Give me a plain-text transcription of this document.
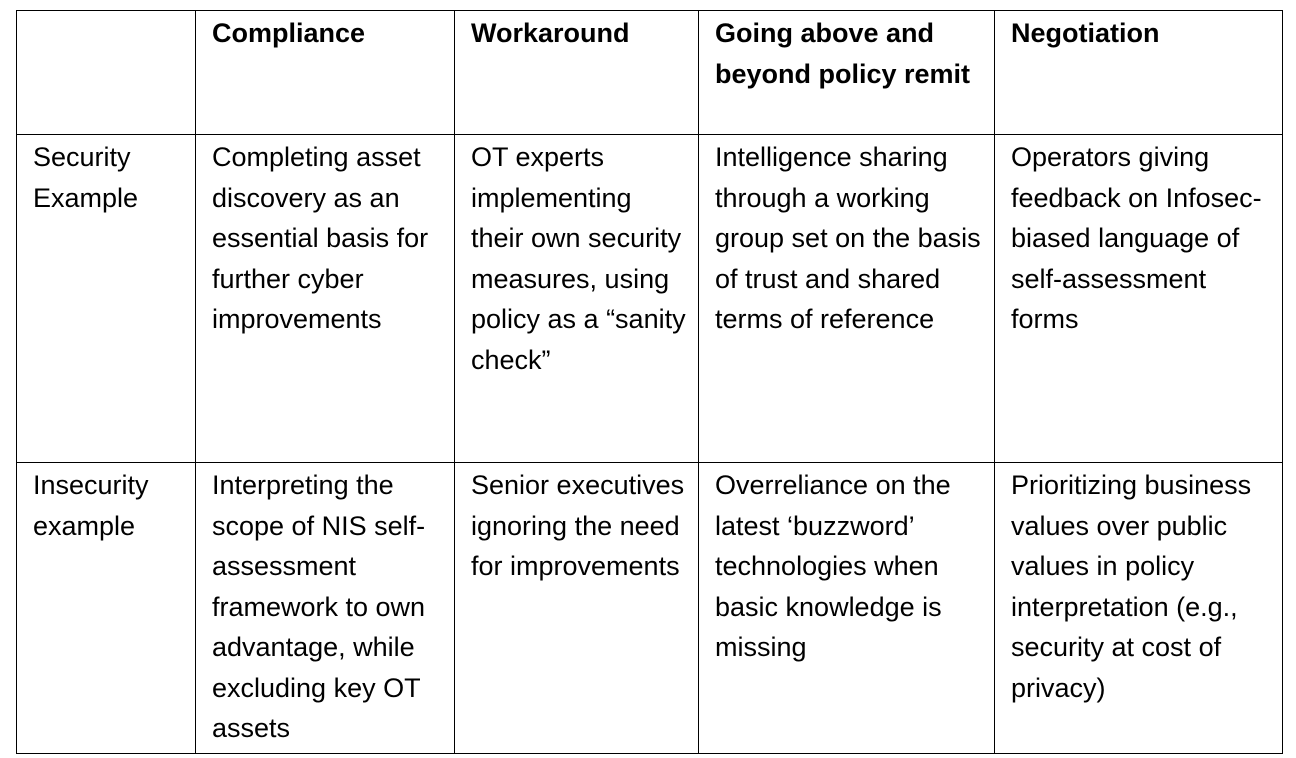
	Compliance	Workaround	Going above and beyond policy remit	Negotiation
Security Example	Completing asset discovery as an essential basis for further cyber improvements	OT experts implementing their own security measures, using policy as a “sanity check”	Intelligence sharing through a working group set on the basis of trust and shared terms of reference	Operators giving feedback on Infosec-biased language of self-assessment forms
Insecurity example	Interpreting the scope of NIS self-assessment framework to own advantage, while excluding key OT assets	Senior executives ignoring the need for improvements	Overreliance on the latest ‘buzzword’ technologies when basic knowledge is missing	Prioritizing business values over public values in policy interpretation (e.g., security at cost of privacy)
